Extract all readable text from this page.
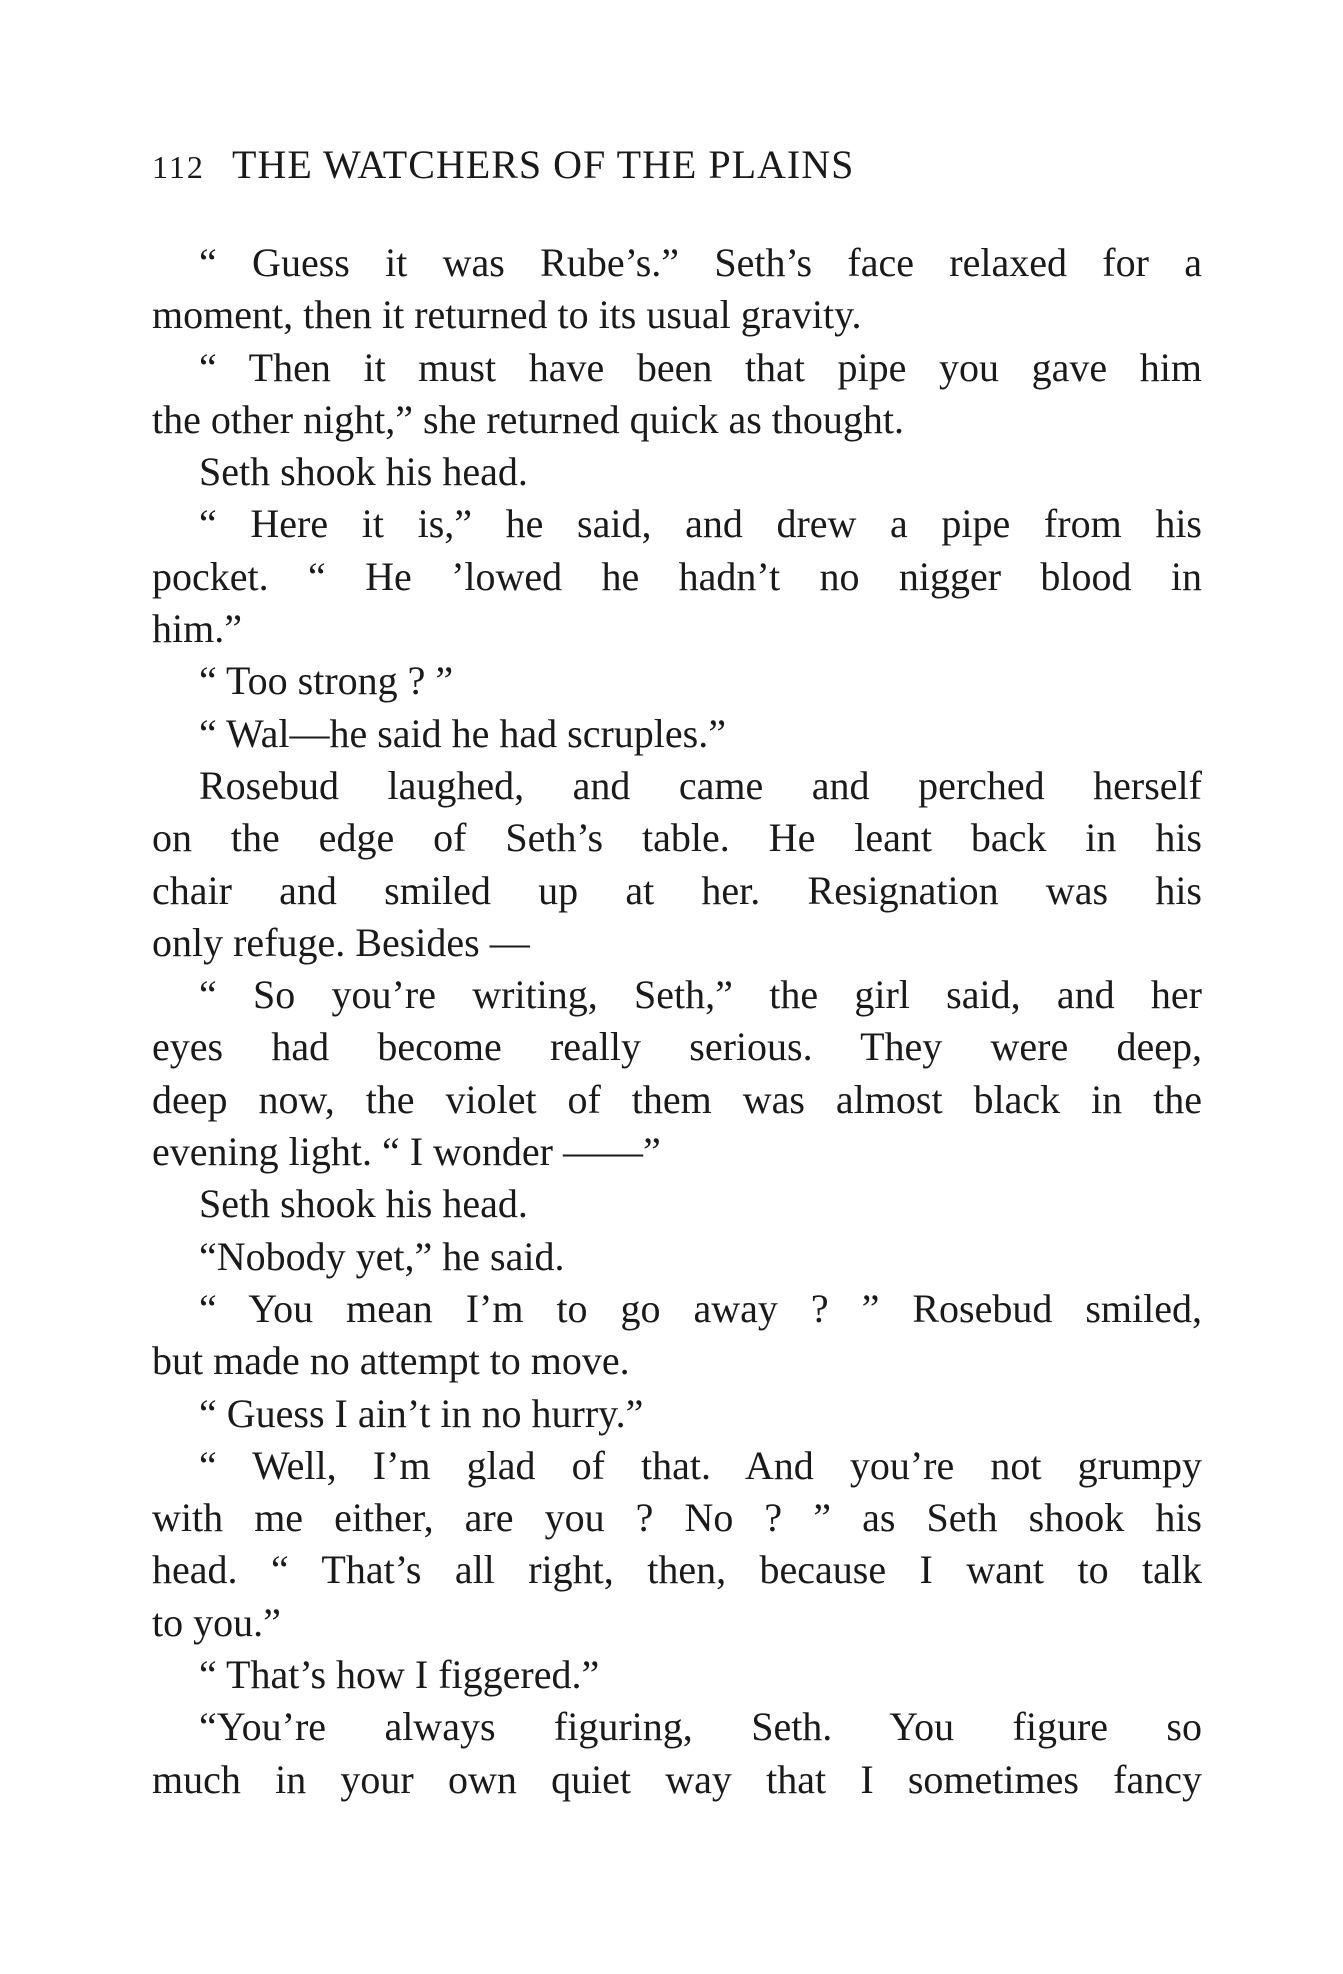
112 THE WATCHERS OF THE PLAINS
“ Guess it was Rube’s.” Seth’s face relaxed for a
moment, then it returned to its usual gravity.
“ Then it must have been that pipe you gave him
the other night,” she returned quick as thought.
Seth shook his head.
“ Here it is,” he said, and drew a pipe from his
pocket. “ He ’lowed he hadn’t no nigger blood in
him.”
“ Too strong ? ”
“ Wal—he said he had scruples.”
Rosebud laughed, and came and perched herself
on the edge of Seth’s table. He leant back in his
chair and smiled up at her. Resignation was his
only refuge. Besides —
“ So you’re writing, Seth,” the girl said, and her
eyes had become really serious. They were deep,
deep now, the violet of them was almost black in the
evening light. “ I wonder ——”
Seth shook his head.
“Nobody yet,” he said.
“ You mean I’m to go away ? ” Rosebud smiled,
but made no attempt to move.
“ Guess I ain’t in no hurry.”
“ Well, I’m glad of that. And you’re not grumpy
with me either, are you ? No ? ” as Seth shook his
head. “ That’s all right, then, because I want to talk
to you.”
“ That’s how I figgered.”
“You’re always figuring, Seth. You figure so
much in your own quiet way that I sometimes fancy
